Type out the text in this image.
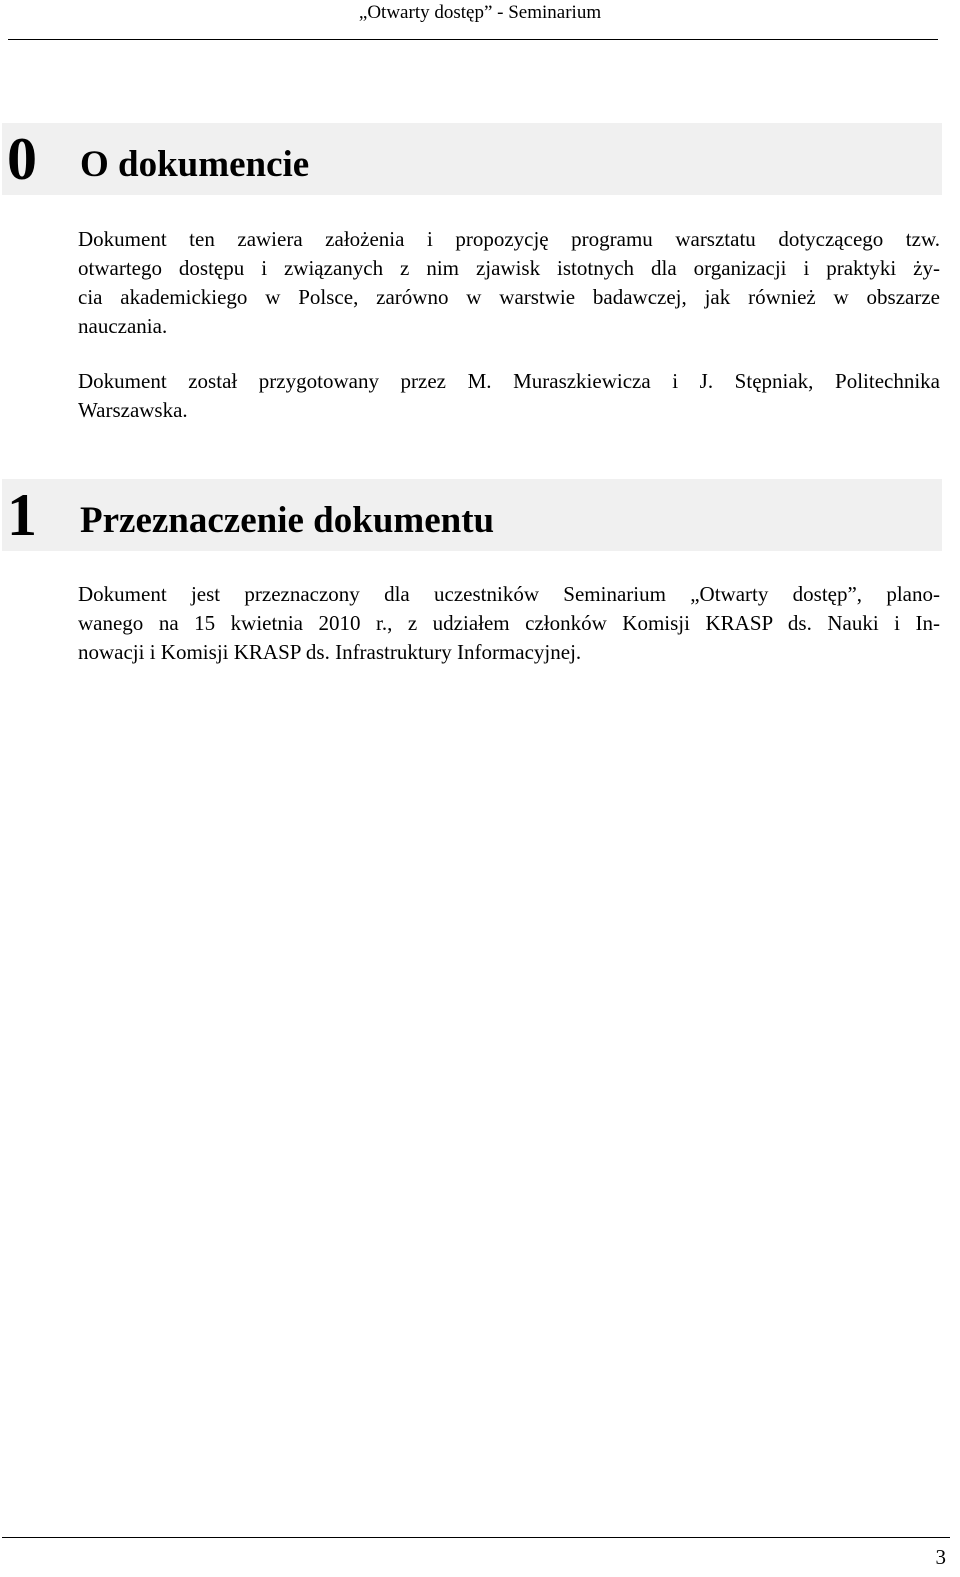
„Otwarty dostęp” - Seminarium
0 O dokumencie
Dokument ten zawiera założenia i propozycję programu warsztatu dotyczącego tzw.
otwartego dostępu i związanych z nim zjawisk istotnych dla organizacji i praktyki ży-
cia akademickiego w Polsce, zarówno w warstwie badawczej, jak również w obszarze
nauczania.
Dokument został przygotowany przez M. Muraszkiewicza i J. Stępniak, Politechnika
Warszawska.
1 Przeznaczenie dokumentu
Dokument jest przeznaczony dla uczestników Seminarium „Otwarty dostęp”, plano-
wanego na 15 kwietnia 2010 r., z udziałem członków Komisji KRASP ds. Nauki i In-
nowacji i Komisji KRASP ds. Infrastruktury Informacyjnej.
3
